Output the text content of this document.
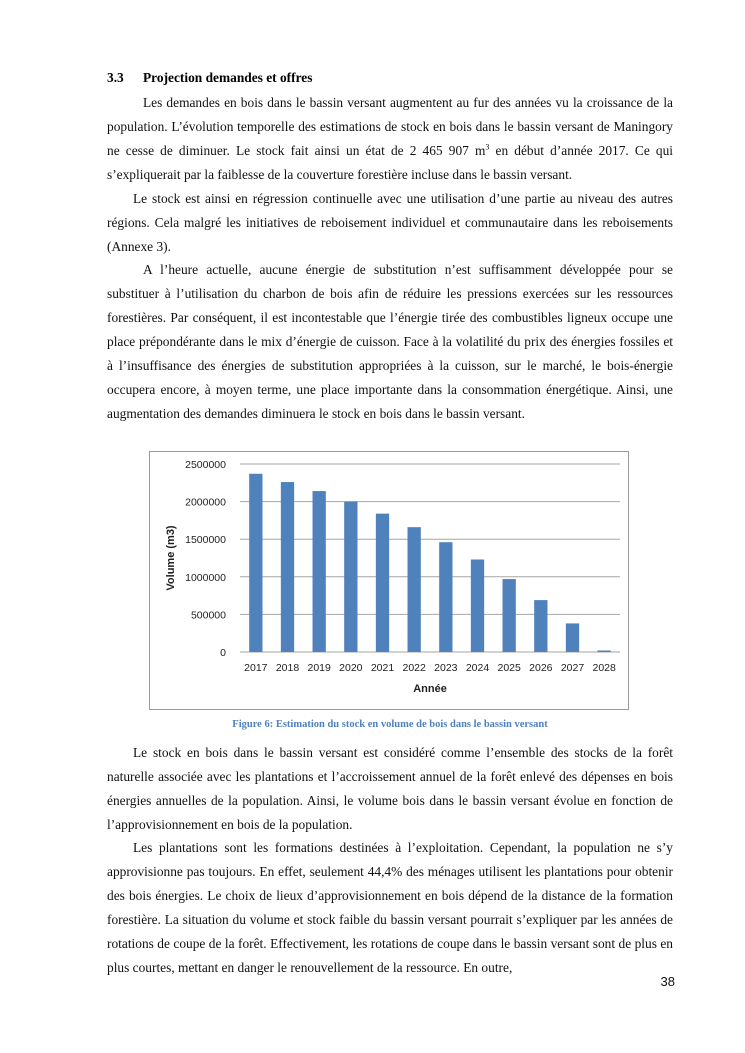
3.3 Projection demandes et offres

Les demandes en bois dans le bassin versant augmentent au fur des années vu la croissance de la population. L’évolution temporelle des estimations de stock en bois dans le bassin versant de Maningory ne cesse de diminuer. Le stock fait ainsi un état de 2 465 907 $m^3$ en début d’année 2017. Ce qui s’expliquerait par la faiblesse de la couverture forestière incluse dans le bassin versant.

Le stock est ainsi en régression continuelle avec une utilisation d’une partie au niveau des autres régions. Cela malgré les initiatives de reboisement individuel et communautaire dans les reboisements (Annexe 3).

A l’heure actuelle, aucune énergie de substitution n’est suffisamment développée pour se substituer à l’utilisation du charbon de bois afin de réduire les pressions exercées sur les ressources forestières. Par conséquent, il est incontestable que l’énergie tirée des combustibles ligneux occupe une place prépondérante dans le mix d’énergie de cuisson. Face à la volatilité du prix des énergies fossiles et à l’insuffisance des énergies de substitution appropriées à la cuisson, sur le marché, le bois-énergie occupera encore, à moyen terme, une place importante dans la consommation énergétique. Ainsi, une augmentation des demandes diminuera le stock en bois dans le bassin versant.

0
500000
1000000
1500000
2000000
2500000
2017 2018 2019 2020 2021 2022 2023 2024 2025 2026 2027 2028
Volume (m3)
Année
Figure 6: Estimation du stock en volume de bois dans le bassin versant

Le stock en bois dans le bassin versant est considéré comme l’ensemble des stocks de la forêt naturelle associée avec les plantations et l’accroissement annuel de la forêt enlevé des dépenses en bois énergies annuelles de la population. Ainsi, le volume bois dans le bassin versant évolue en fonction de l’approvisionnement en bois de la population.

Les plantations sont les formations destinées à l’exploitation. Cependant, la population ne s’y approvisionne pas toujours. En effet, seulement 44,4% des ménages utilisent les plantations pour obtenir des bois énergies. Le choix de lieux d’approvisionnement en bois dépend de la distance de la formation forestière. La situation du volume et stock faible du bassin versant pourrait s’expliquer par les années de rotations de coupe de la forêt. Effectivement, les rotations de coupe dans le bassin versant sont de plus en plus courtes, mettant en danger le renouvellement de la ressource. En outre,

38
